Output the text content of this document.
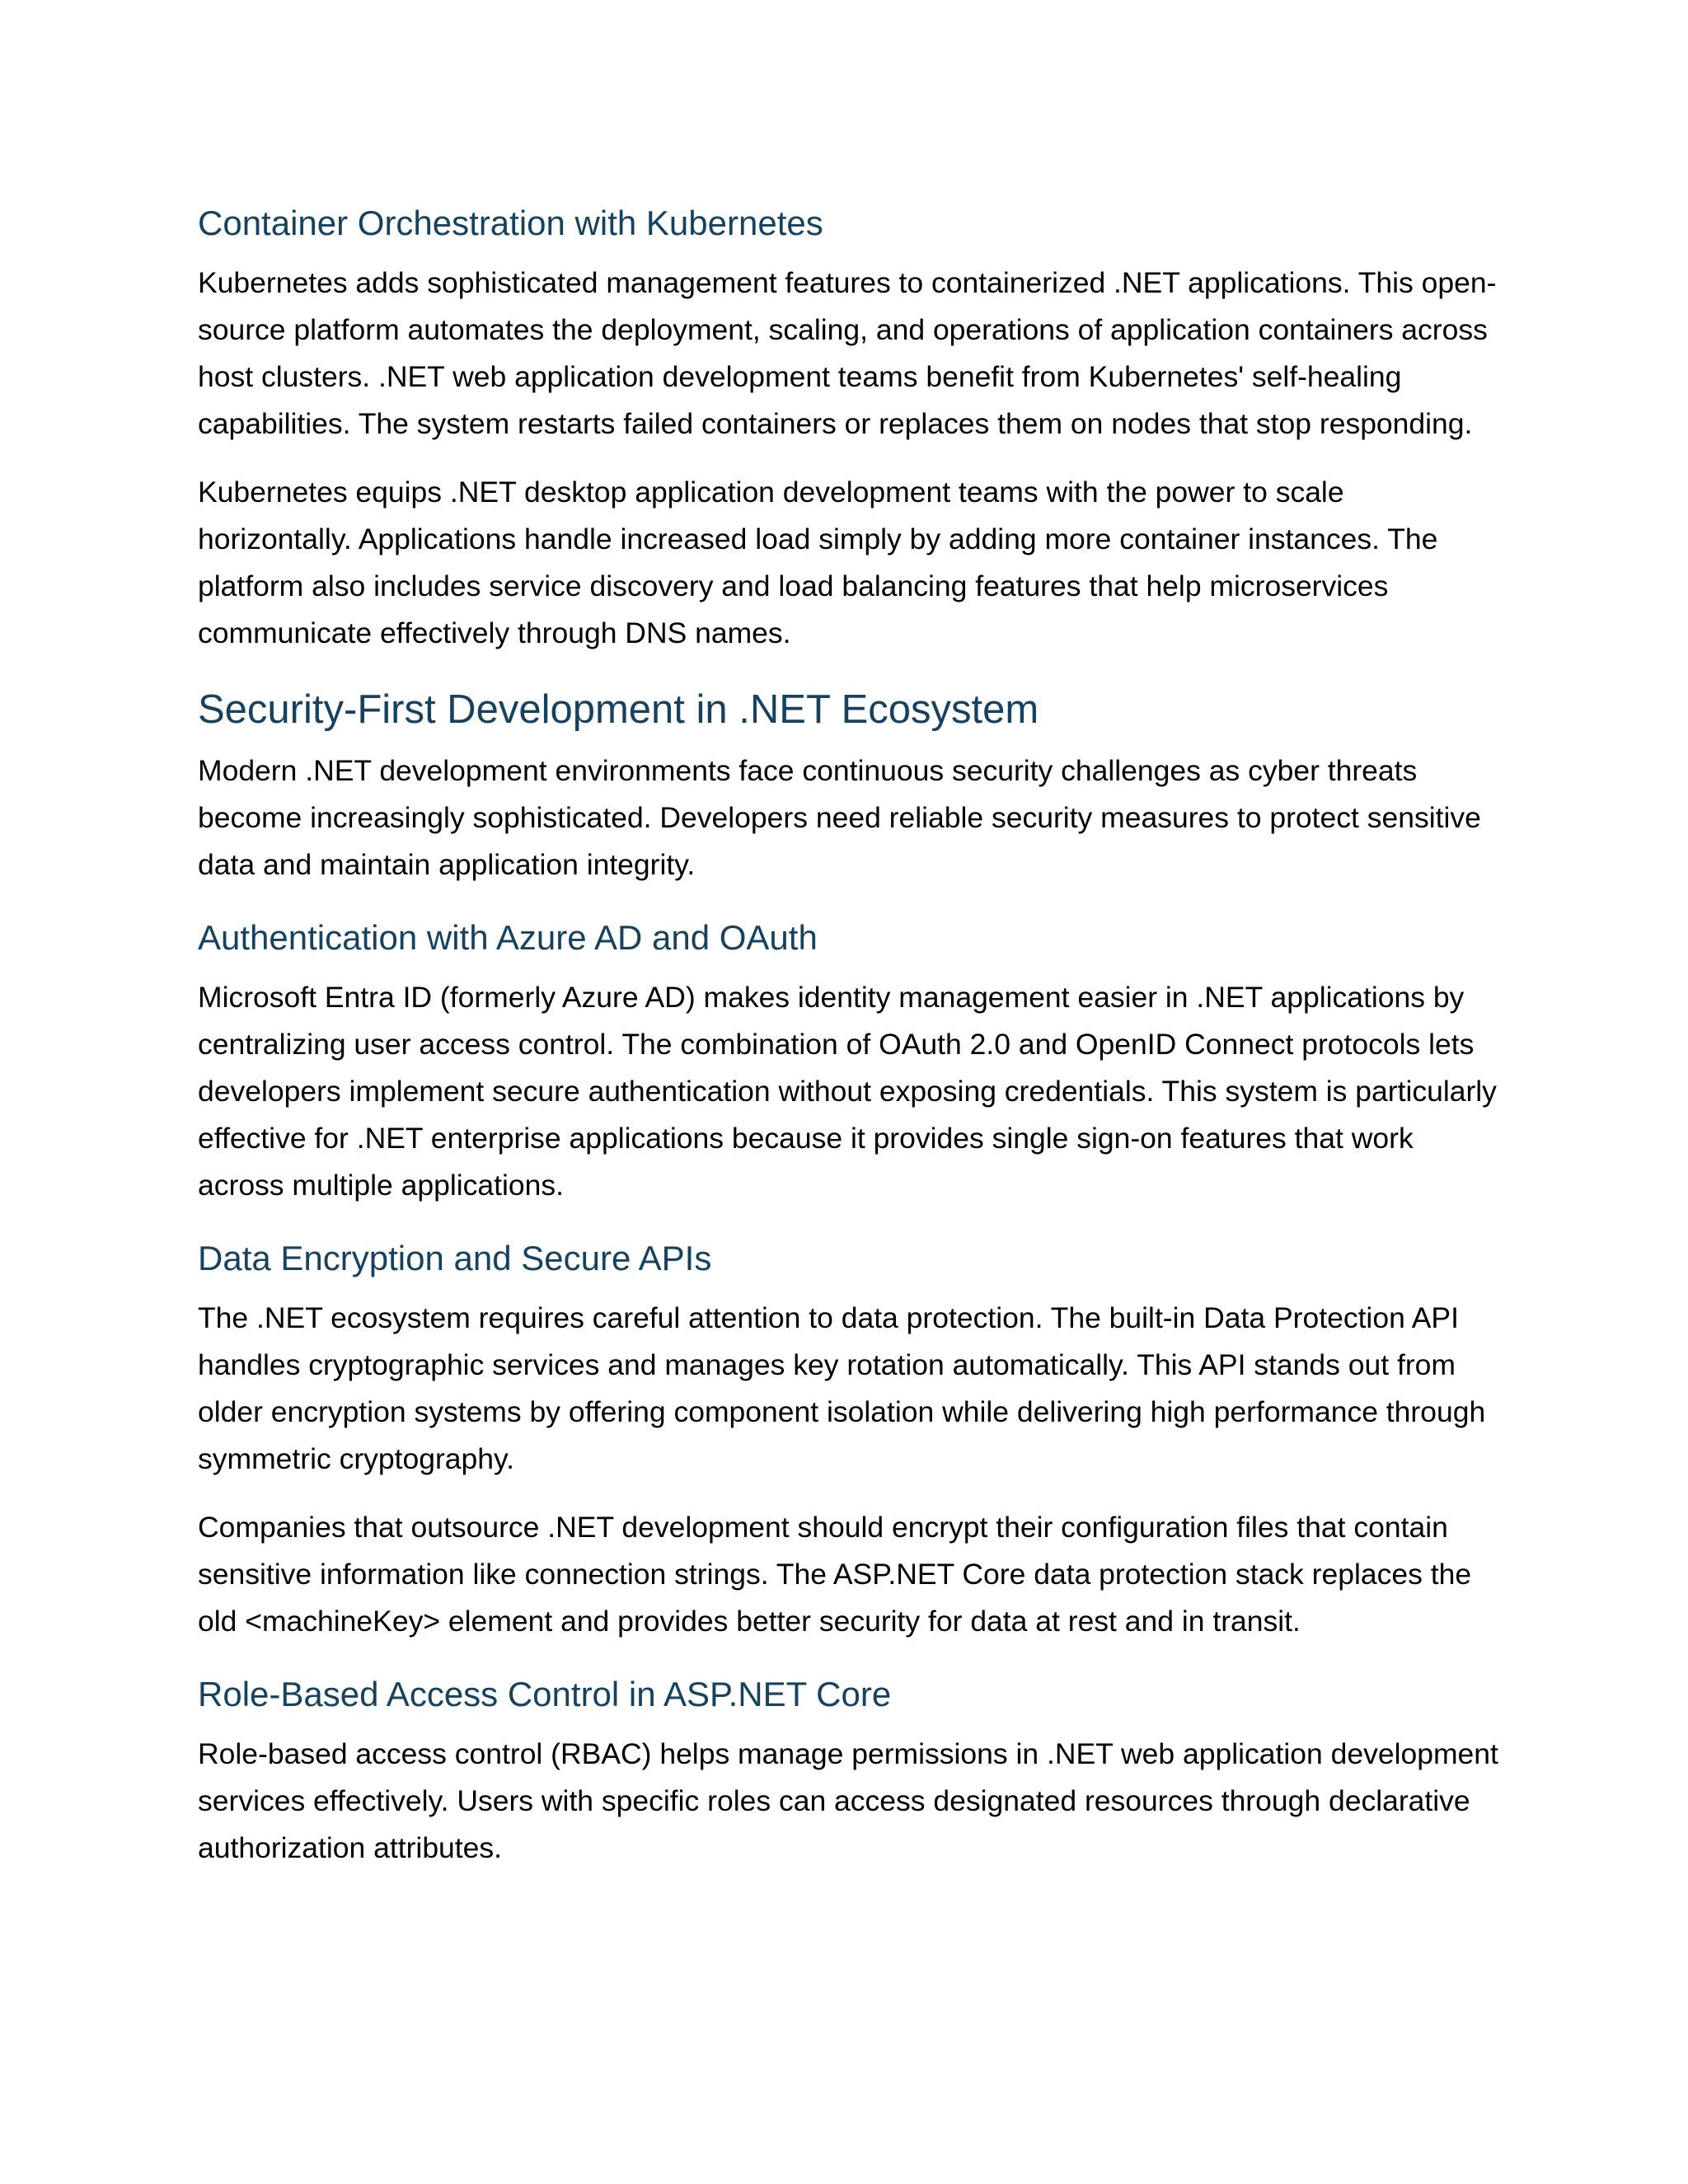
Container Orchestration with Kubernetes

Kubernetes adds sophisticated management features to containerized .NET applications. This open-source platform automates the deployment, scaling, and operations of application containers across host clusters. .NET web application development teams benefit from Kubernetes' self-healing capabilities. The system restarts failed containers or replaces them on nodes that stop responding.

Kubernetes equips .NET desktop application development teams with the power to scale horizontally. Applications handle increased load simply by adding more container instances. The platform also includes service discovery and load balancing features that help microservices communicate effectively through DNS names.

Security-First Development in .NET Ecosystem

Modern .NET development environments face continuous security challenges as cyber threats become increasingly sophisticated. Developers need reliable security measures to protect sensitive data and maintain application integrity.

Authentication with Azure AD and OAuth

Microsoft Entra ID (formerly Azure AD) makes identity management easier in .NET applications by centralizing user access control. The combination of OAuth 2.0 and OpenID Connect protocols lets developers implement secure authentication without exposing credentials. This system is particularly effective for .NET enterprise applications because it provides single sign-on features that work across multiple applications.

Data Encryption and Secure APIs

The .NET ecosystem requires careful attention to data protection. The built-in Data Protection API handles cryptographic services and manages key rotation automatically. This API stands out from older encryption systems by offering component isolation while delivering high performance through symmetric cryptography.

Companies that outsource .NET development should encrypt their configuration files that contain sensitive information like connection strings. The ASP.NET Core data protection stack replaces the old <machineKey> element and provides better security for data at rest and in transit.

Role-Based Access Control in ASP.NET Core

Role-based access control (RBAC) helps manage permissions in .NET web application development services effectively. Users with specific roles can access designated resources through declarative authorization attributes.
